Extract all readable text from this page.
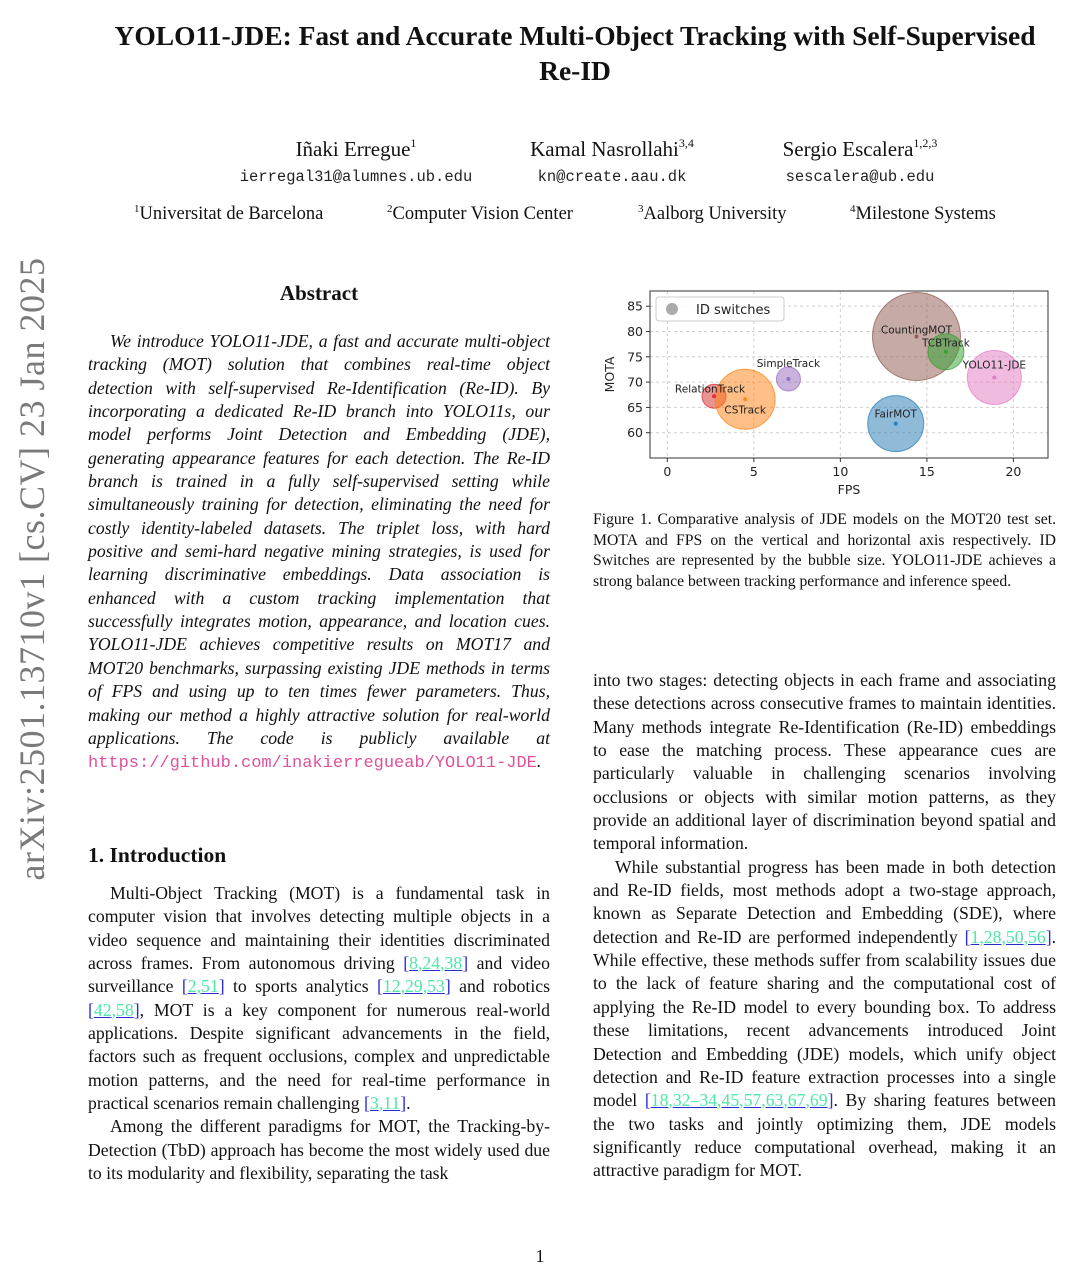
arXiv:2501.13710v1 [cs.CV] 23 Jan 2025
YOLO11-JDE: Fast and Accurate Multi-Object Tracking with Self-Supervised
Re-ID
Iñaki Erregue$^1$
ierregal31@alumnes.ub.edu
Kamal Nasrollahi$^{3,4}$
kn@create.aau.dk
Sergio Escalera$^{1,2,3}$
sescalera@ub.edu
$^1$Universitat de Barcelona	$^2$Computer Vision Center	$^3$Aalborg University	$^4$Milestone Systems
Abstract

We introduce YOLO11-JDE, a fast and accurate multi-object tracking (MOT) solution that combines real-time object detection with self-supervised Re-Identification (Re-ID). By incorporating a dedicated Re-ID branch into YOLO11s, our model performs Joint Detection and Embedding (JDE), generating appearance features for each detection. The Re-ID branch is trained in a fully self-supervised setting while simultaneously training for detection, eliminating the need for costly identity-labeled datasets. The triplet loss, with hard positive and semi-hard negative mining strategies, is used for learning discriminative embeddings. Data association is enhanced with a custom tracking implementation that successfully integrates motion, appearance, and location cues. YOLO11-JDE achieves competitive results on MOT17 and MOT20 benchmarks, surpassing existing JDE methods in terms of FPS and using up to ten times fewer parameters. Thus, making our method a highly attractive solution for real-world applications. The code is publicly available at https://github.com/inakierregueab/YOLO11-JDE.

1. Introduction

Multi-Object Tracking (MOT) is a fundamental task in computer vision that involves detecting multiple objects in a video sequence and maintaining their identities discriminated across frames. From autonomous driving [8,24,38] and video surveillance [2,51] to sports analytics [12,29,53] and robotics [42,58], MOT is a key component for numerous real-world applications. Despite significant advancements in the field, factors such as frequent occlusions, complex and unpredictable motion patterns, and the need for real-time performance in practical scenarios remain challenging [3,11].

Among the different paradigms for MOT, the Tracking-by-Detection (TbD) approach has become the most widely used due to its modularity and flexibility, separating the task

0	5	10	15	20
60
65
70
75
80
85
RelationTrack
CSTrack
SimpleTrack
FairMOT
CountingMOT
TCBTrack
YOLO11-JDE
ID switches
FPS
MOTA
Figure 1. Comparative analysis of JDE models on the MOT20 test set. MOTA and FPS on the vertical and horizontal axis respectively. ID Switches are represented by the bubble size. YOLO11-JDE achieves a strong balance between tracking performance and inference speed.

into two stages: detecting objects in each frame and associating these detections across consecutive frames to maintain identities. Many methods integrate Re-Identification (Re-ID) embeddings to ease the matching process. These appearance cues are particularly valuable in challenging scenarios involving occlusions or objects with similar motion patterns, as they provide an additional layer of discrimination beyond spatial and temporal information.

While substantial progress has been made in both detection and Re-ID fields, most methods adopt a two-stage approach, known as Separate Detection and Embedding (SDE), where detection and Re-ID are performed independently [1,28,50,56]. While effective, these methods suffer from scalability issues due to the lack of feature sharing and the computational cost of applying the Re-ID model to every bounding box. To address these limitations, recent advancements introduced Joint Detection and Embedding (JDE) models, which unify object detection and Re-ID feature extraction processes into a single model [18,32–34,45,57,63,67,69]. By sharing features between the two tasks and jointly optimizing them, JDE models significantly reduce computational overhead, making it an attractive paradigm for MOT.

1
